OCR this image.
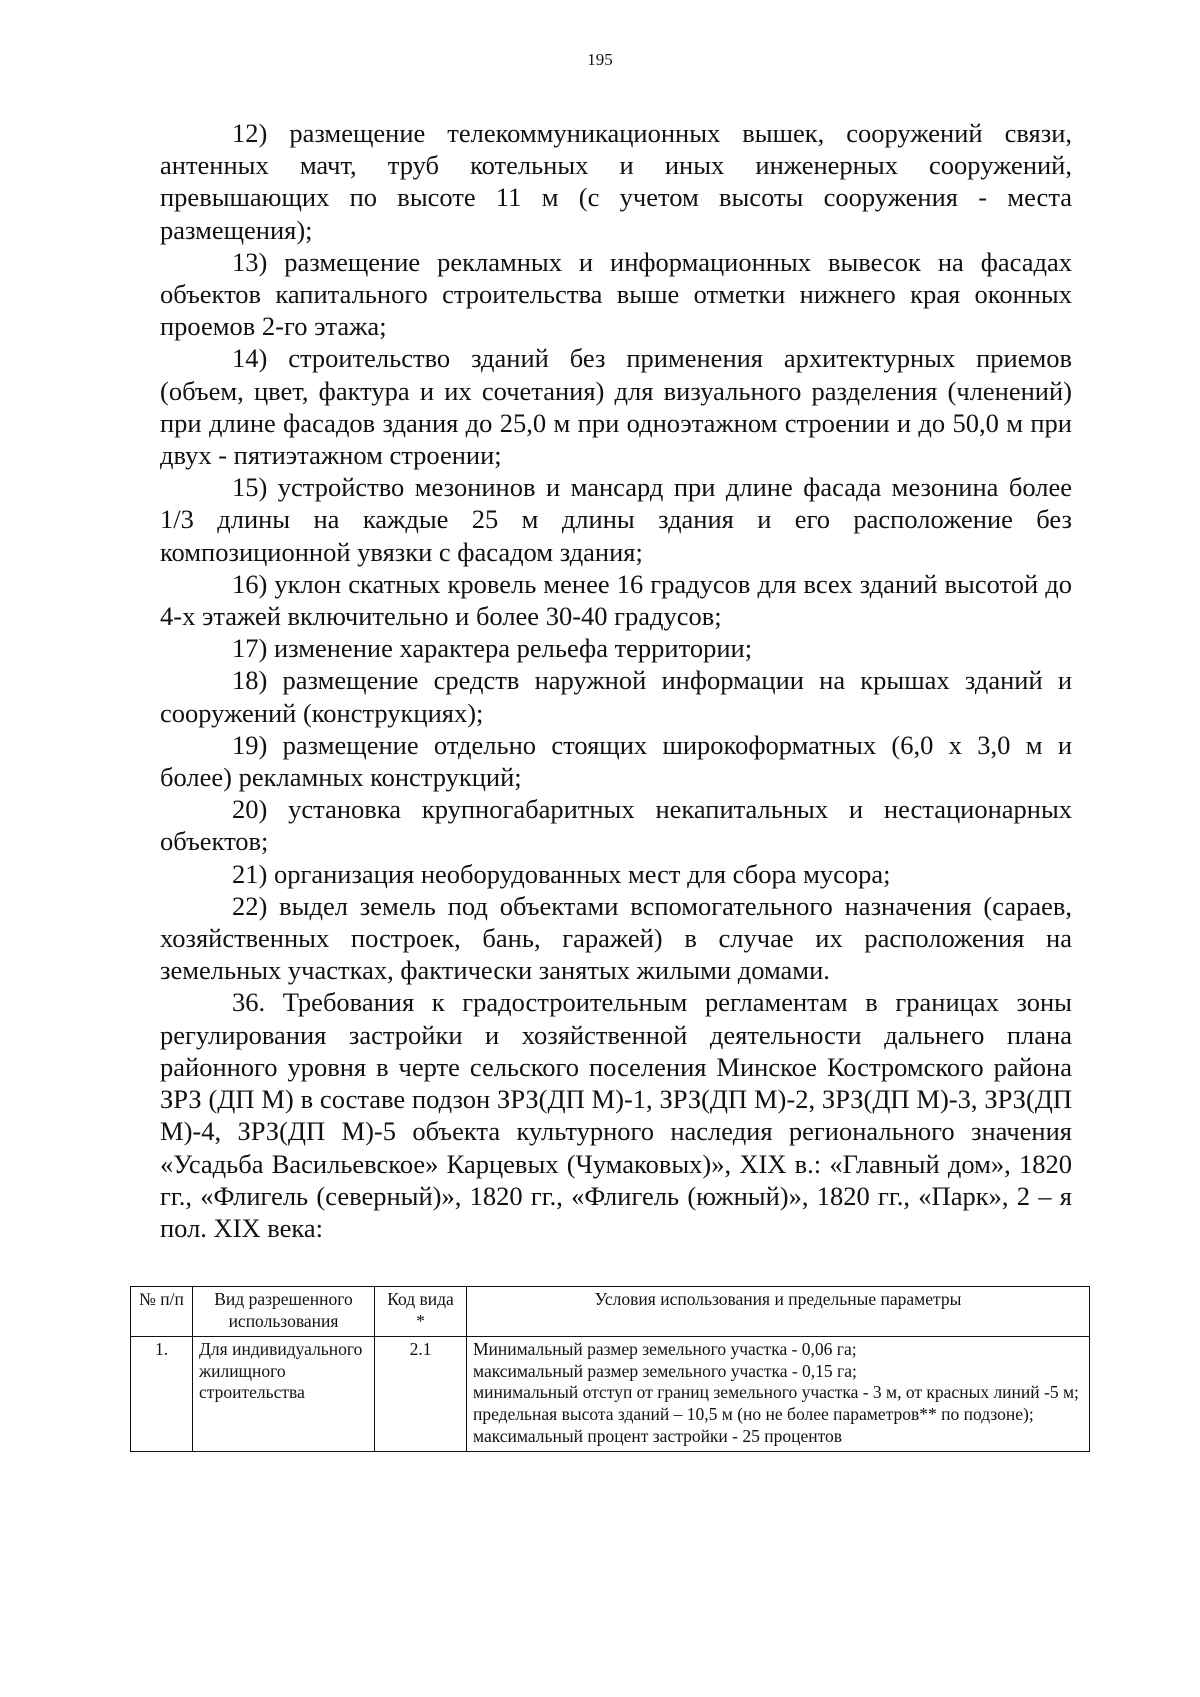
195

12) размещение телекоммуникационных вышек, сооружений связи, антенных мачт, труб котельных и иных инженерных сооружений, превышающих по высоте 11 м (с учетом высоты сооружения - места размещения);

13) размещение рекламных и информационных вывесок на фасадах объектов капитального строительства выше отметки нижнего края оконных проемов 2-го этажа;

14) строительство зданий без применения архитектурных приемов (объем, цвет, фактура и их сочетания) для визуального разделения (членений) при длине фасадов здания до 25,0 м при одноэтажном строении и до 50,0 м при двух - пятиэтажном строении;

15) устройство мезонинов и мансард при длине фасада мезонина более 1/3 длины на каждые 25 м длины здания и его расположение без композиционной увязки с фасадом здания;

16) уклон скатных кровель менее 16 градусов для всех зданий высотой до 4-х этажей включительно и более 30-40 градусов;

17) изменение характера рельефа территории;

18) размещение средств наружной информации на крышах зданий и сооружений (конструкциях);

19) размещение отдельно стоящих широкоформатных (6,0 х 3,0 м и более) рекламных конструкций;

20) установка крупногабаритных некапитальных и нестационарных объектов;

21) организация необорудованных мест для сбора мусора;

22) выдел земель под объектами вспомогательного назначения (сараев, хозяйственных построек, бань, гаражей) в случае их расположения на земельных участках, фактически занятых жилыми домами.

36. Требования к градостроительным регламентам в границах зоны регулирования застройки и хозяйственной деятельности дальнего плана районного уровня в черте сельского поселения Минское Костромского района ЗРЗ (ДП М) в составе подзон ЗРЗ(ДП М)-1, ЗРЗ(ДП М)-2, ЗРЗ(ДП М)-3, ЗРЗ(ДП М)-4, ЗРЗ(ДП М)-5 объекта культурного наследия регионального значения «Усадьба Васильевское» Карцевых (Чумаковых)», XIX в.: «Главный дом», 1820 гг., «Флигель (северный)», 1820 гг., «Флигель (южный)», 1820 гг., «Парк», 2 – я пол. XIX века:

№ п/п	Вид разрешенного использования	Код вида *	Условия использования и предельные параметры
1.	Для индивидуального жилищного строительства	2.1	Минимальный размер земельного участка - 0,06 га;
максимальный размер земельного участка - 0,15 га;
минимальный отступ от границ земельного участка - 3 м, от красных линий -5 м;
предельная высота зданий – 10,5 м (но не более параметров** по подзоне);
максимальный процент застройки - 25 процентов
